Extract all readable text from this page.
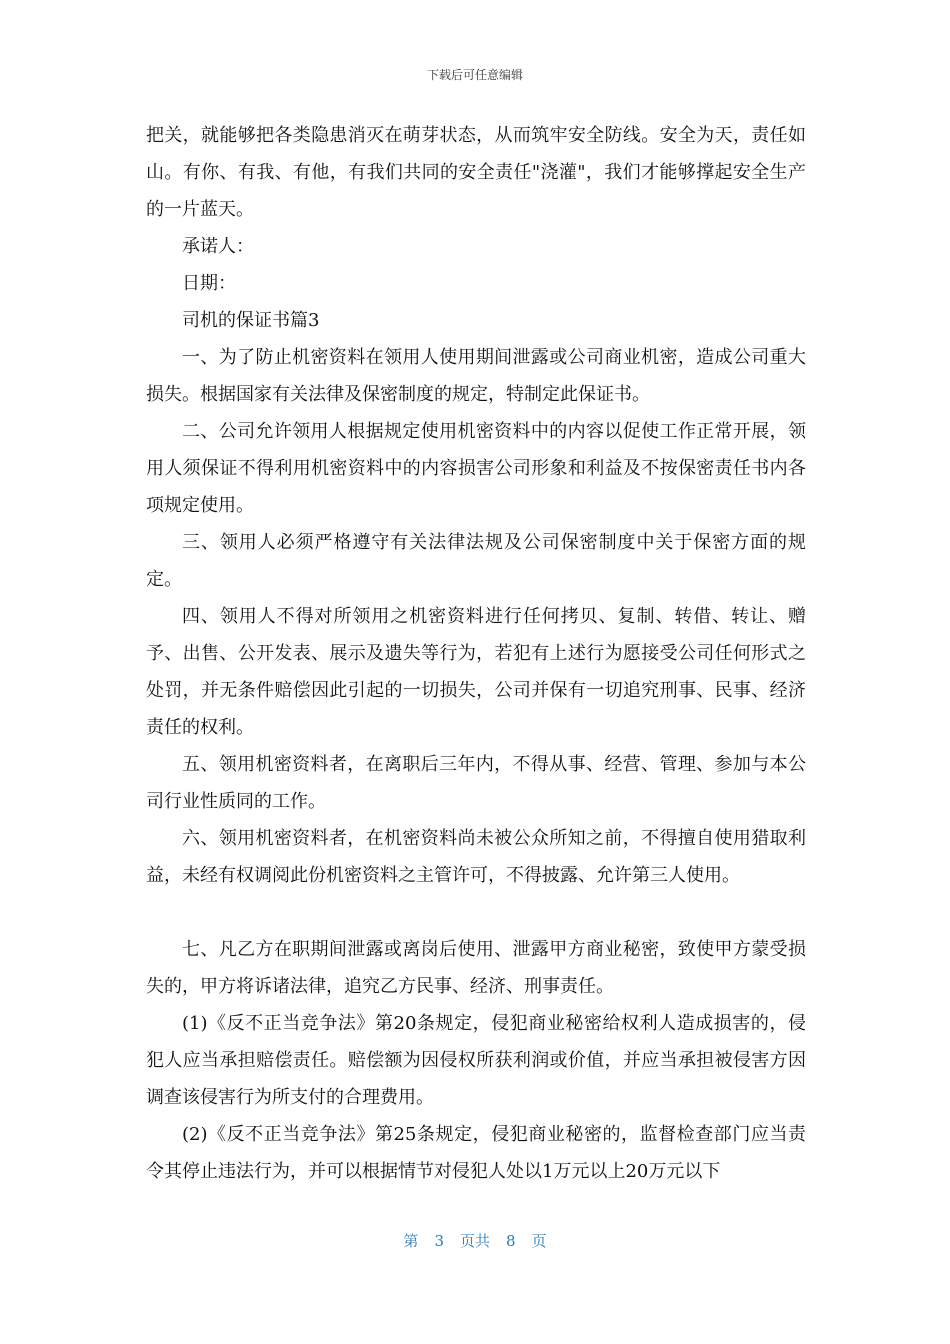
下载后可任意编辑

把关，就能够把各类隐患消灭在萌芽状态，从而筑牢安全防线。安全为天，责任如山。有你、有我、有他，有我们共同的安全责任"浇灌"，我们才能够撑起安全生产的一片蓝天。

承诺人：

日期：

司机的保证书篇3

一、为了防止机密资料在领用人使用期间泄露或公司商业机密，造成公司重大损失。根据国家有关法律及保密制度的规定，特制定此保证书。

二、公司允许领用人根据规定使用机密资料中的内容以促使工作正常开展，领用人须保证不得利用机密资料中的内容损害公司形象和利益及不按保密责任书内各项规定使用。

三、领用人必须严格遵守有关法律法规及公司保密制度中关于保密方面的规定。

四、领用人不得对所领用之机密资料进行任何拷贝、复制、转借、转让、赠予、出售、公开发表、展示及遗失等行为，若犯有上述行为愿接受公司任何形式之处罚，并无条件赔偿因此引起的一切损失，公司并保有一切追究刑事、民事、经济责任的权利。

五、领用机密资料者，在离职后三年内，不得从事、经营、管理、参加与本公司行业性质同的工作。

六、领用机密资料者，在机密资料尚未被公众所知之前，不得擅自使用猎取利益，未经有权调阅此份机密资料之主管许可，不得披露、允许第三人使用。

七、凡乙方在职期间泄露或离岗后使用、泄露甲方商业秘密，致使甲方蒙受损失的，甲方将诉诸法律，追究乙方民事、经济、刑事责任。

(1)《反不正当竞争法》第20条规定，侵犯商业秘密给权利人造成损害的，侵犯人应当承担赔偿责任。赔偿额为因侵权所获利润或价值，并应当承担被侵害方因调查该侵害行为所支付的合理费用。

(2)《反不正当竞争法》第25条规定，侵犯商业秘密的，监督检查部门应当责令其停止违法行为，并可以根据情节对侵犯人处以1万元以上20万元以下

第 3 页共 8 页
